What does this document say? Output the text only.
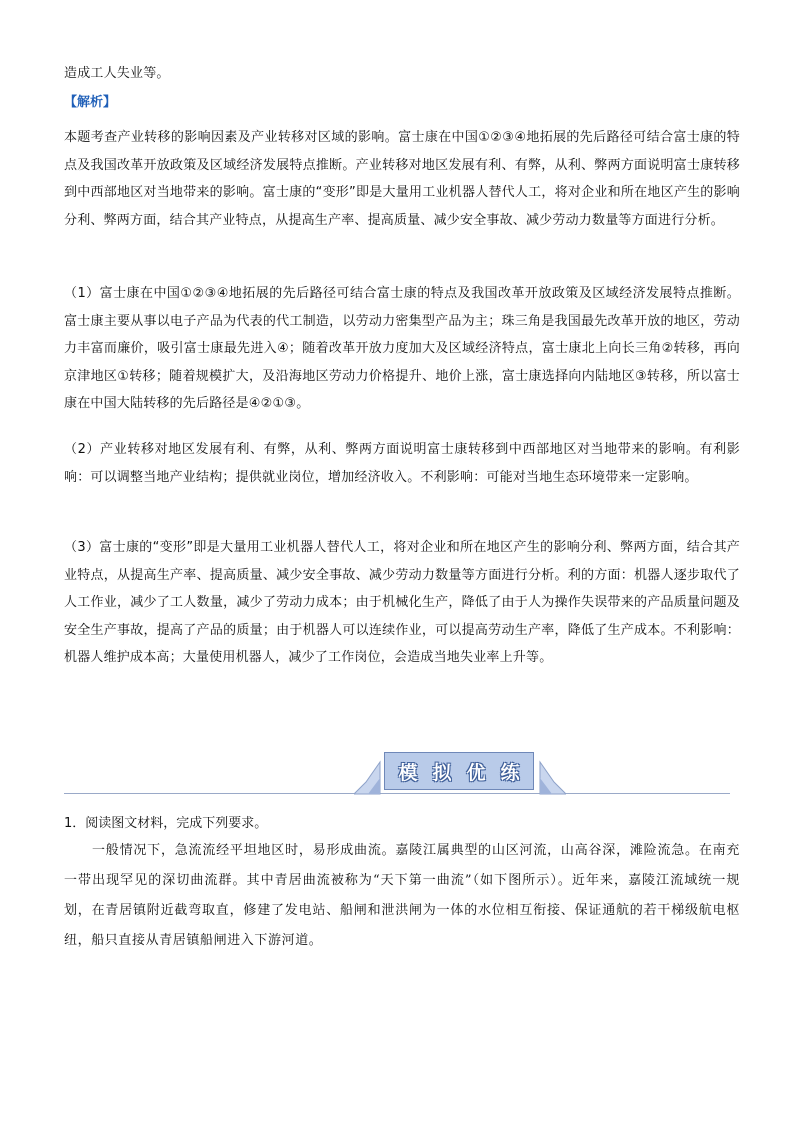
造成工人失业等。

【解析】

本题考查产业转移的影响因素及产业转移对区域的影响。富士康在中国①②③④地拓展的先后路径可结合富士康的特点及我国改革开放政策及区域经济发展特点推断。产业转移对地区发展有利、有弊，从利、弊两方面说明富士康转移到中西部地区对当地带来的影响。富士康的“变形”即是大量用工业机器人替代人工，将对企业和所在地区产生的影响分利、弊两方面，结合其产业特点，从提高生产率、提高质量、减少安全事故、减少劳动力数量等方面进行分析。

（1）富士康在中国①②③④地拓展的先后路径可结合富士康的特点及我国改革开放政策及区域经济发展特点推断。富士康主要从事以电子产品为代表的代工制造，以劳动力密集型产品为主；珠三角是我国最先改革开放的地区，劳动力丰富而廉价，吸引富士康最先进入④；随着改革开放力度加大及区域经济特点，富士康北上向长三角②转移，再向京津地区①转移；随着规模扩大，及沿海地区劳动力价格提升、地价上涨，富士康选择向内陆地区③转移，所以富士康在中国大陆转移的先后路径是④②①③。

（2）产业转移对地区发展有利、有弊，从利、弊两方面说明富士康转移到中西部地区对当地带来的影响。有利影响：可以调整当地产业结构；提供就业岗位，增加经济收入。不利影响：可能对当地生态环境带来一定影响。

（3）富士康的“变形”即是大量用工业机器人替代人工，将对企业和所在地区产生的影响分利、弊两方面，结合其产业特点，从提高生产率、提高质量、减少安全事故、减少劳动力数量等方面进行分析。利的方面：机器人逐步取代了人工作业，减少了工人数量，减少了劳动力成本；由于机械化生产，降低了由于人为操作失误带来的产品质量问题及安全生产事故，提高了产品的质量；由于机器人可以连续作业，可以提高劳动生产率，降低了生产成本。不利影响：机器人维护成本高；大量使用机器人，减少了工作岗位，会造成当地失业率上升等。

模 拟 优 练
1．阅读图文材料，完成下列要求。

一般情况下，急流流经平坦地区时，易形成曲流。嘉陵江属典型的山区河流，山高谷深，滩险流急。在南充一带出现罕见的深切曲流群。其中青居曲流被称为“天下第一曲流”（如下图所示）。近年来，嘉陵江流域统一规划，在青居镇附近截弯取直，修建了发电站、船闸和泄洪闸为一体的水位相互衔接、保证通航的若干梯级航电枢纽，船只直接从青居镇船闸进入下游河道。
